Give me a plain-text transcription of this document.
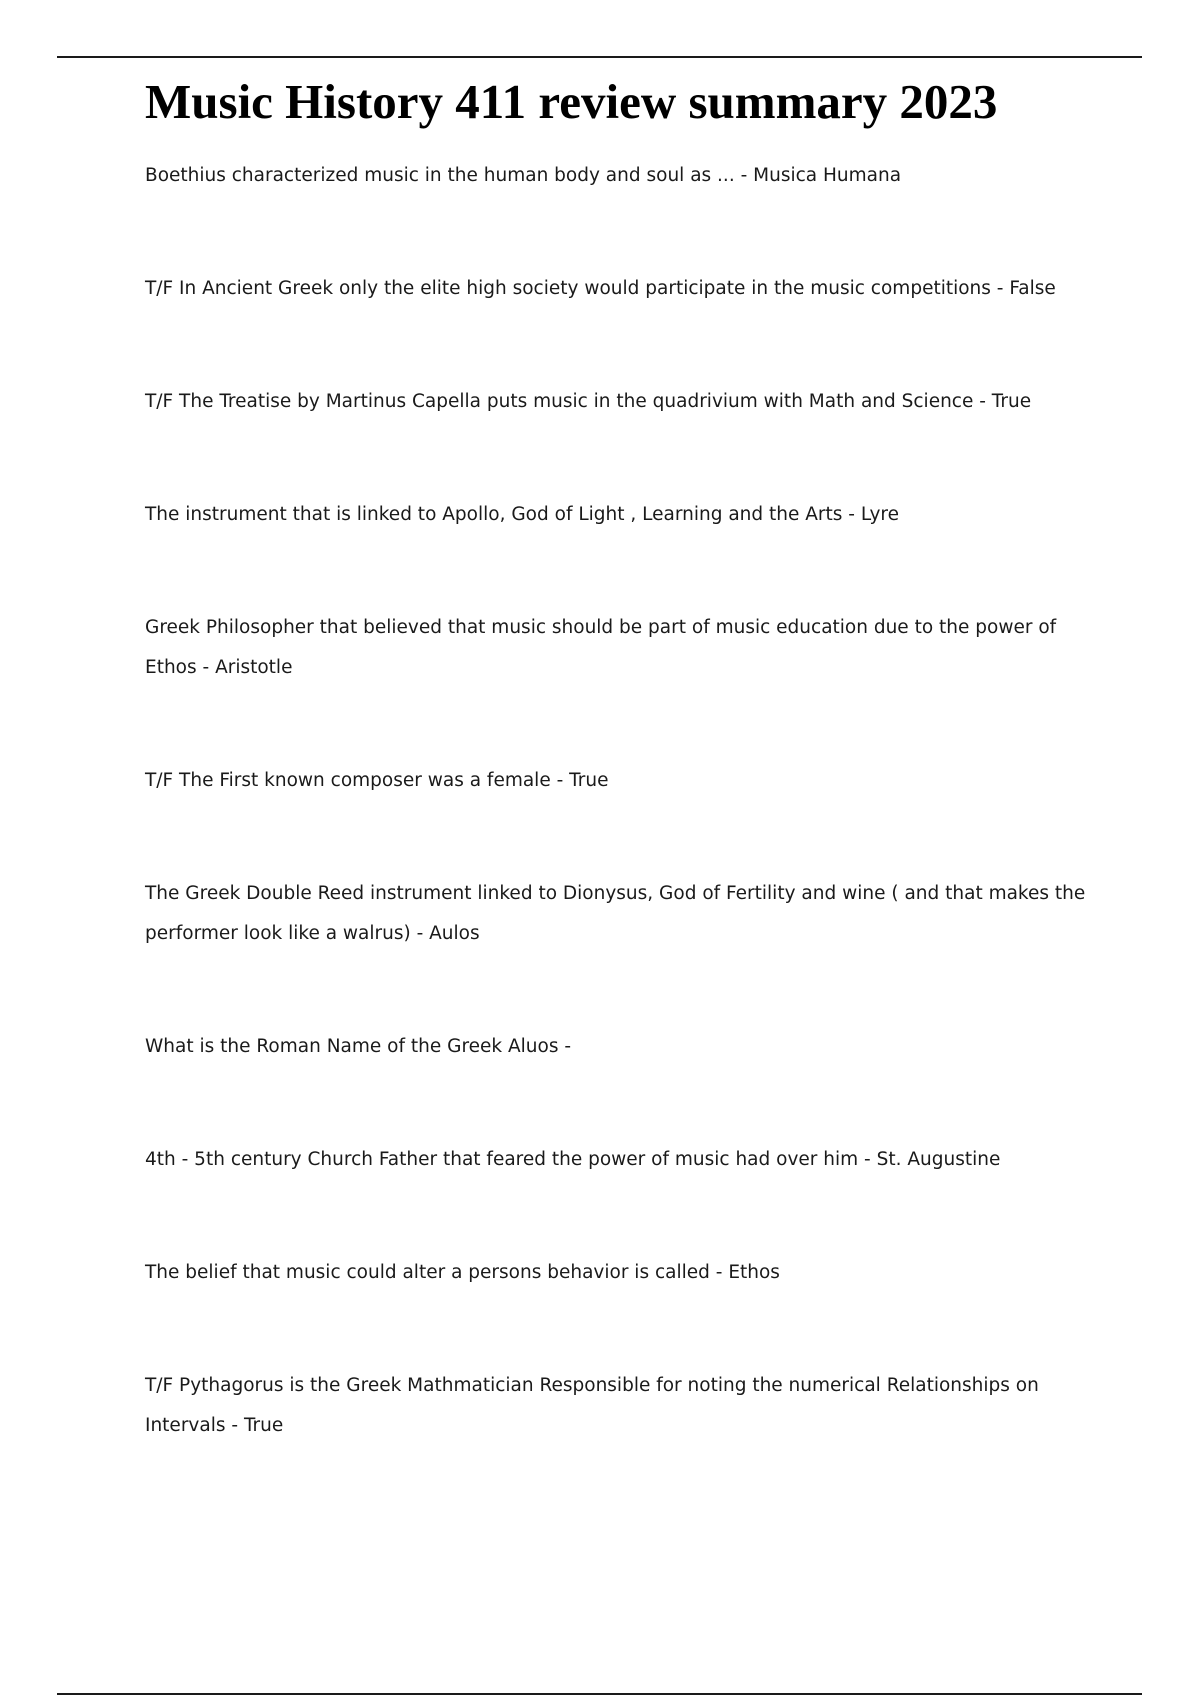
Music History 411 review summary 2023

Boethius characterized music in the human body and soul as ... - Musica Humana

T/F In Ancient Greek only the elite high society would participate in the music competitions - False

T/F The Treatise by Martinus Capella puts music in the quadrivium with Math and Science - True

The instrument that is linked to Apollo, God of Light , Learning and the Arts - Lyre

Greek Philosopher that believed that music should be part of music education due to the power of Ethos - Aristotle

T/F The First known composer was a female - True

The Greek Double Reed instrument linked to Dionysus, God of Fertility and wine ( and that makes the performer look like a walrus) - Aulos

What is the Roman Name of the Greek Aluos -

4th - 5th century Church Father that feared the power of music had over him - St. Augustine

The belief that music could alter a persons behavior is called - Ethos

T/F Pythagorus is the Greek Mathmatician Responsible for noting the numerical Relationships on Intervals - True
